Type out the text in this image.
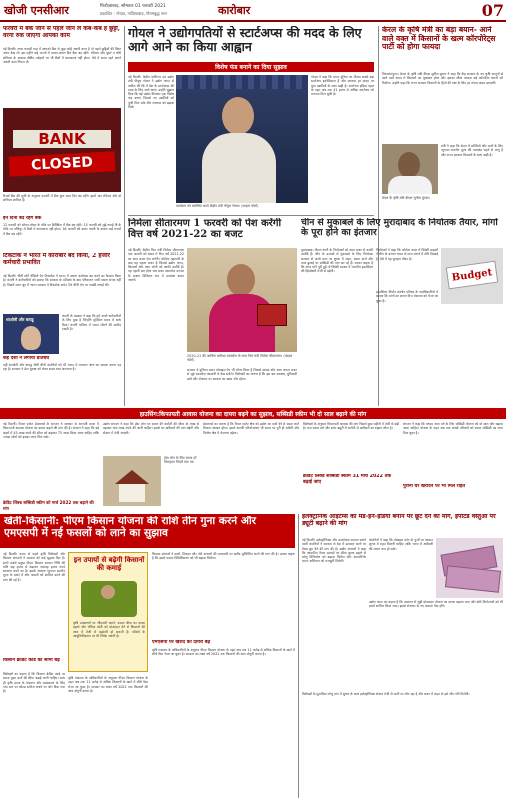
खोजी एनसीआर	फिरोज़ाबाद, सोमवार 01 फरवरी 2021
प्रकाशित : नोएडा, गाज़ियाबाद, गौतमबुद्ध नगर	कारोबार	07
फरवरी में बैंक जाने से पहले जान लें कब-कब है छुट्टी, वरना रुक जाएगा आपका काम
नई दिल्ली। अगर फरवरी माह में आपको बैंक से जुड़ा कोई जरूरी काम है तो पहले छुट्टियों की लिस्ट जरूर देख लें। इस महीने कई राज्यों में अलग-अलग दिन बैंक बंद रहेंगे। रविवार और दूसरे व चौथे शनिवार के अलावा क्षेत्रीय त्योहारों पर भी बैंकों में कामकाज नहीं होगा। ऐसे में समय रहते अपने जरूरी काम निपटा लें।
BANK
CLOSED
रिजर्व बैंक की सूची के अनुसार फरवरी में बैंक कुल आठ दिन बंद रहेंगे। इसमें चार रविवार और दो शनिवार शामिल हैं।
इन दिनों बंद रहेंगे बैंक
12 फरवरी को सोनम लोसर के मौके पर सिक्किम में बैंक बंद रहेंगे। 15 फरवरी को लुई-नगाई-नी के मौके पर मणिपुर में बैंकों में कामकाज नहीं होगा। 16 फरवरी को बसंत पंचमी के कारण कई राज्यों में बैंक बंद रहेंगे।
टिकटॉक ने भारत में कारोबार बंद किया, 2 हजार कर्मचारी प्रभावित
नई दिल्ली। चीनी शॉर्ट वीडियो ऐप टिकटॉक ने भारत में अपना कारोबार बंद करने का फैसला किया है। कंपनी ने कर्मचारियों को बताया कि सरकार के प्रतिबंध के बाद परिचालन जारी रखना संभव नहीं है। पिछले साल जून में भारत सरकार ने टिकटॉक समेत 59 चीनी ऐप पर पाबंदी लगाई थी।
शाओमी और बायडू
कंपनी के प्रवक्ता ने कहा कि हमें अपने कर्मचारियों के लिए दुख है जिन्होंने मुश्किल समय में साथ दिया। कंपनी भविष्य में भारत लौटने की उम्मीद रखती है।
कई देशों ने लगाया प्रतिबंध
वहीं शाओमी और बायडू जैसी चीनी कंपनियों को भी भारत में लगातार जांच का सामना करना पड़ रहा है। सरकार ने डेटा सुरक्षा को लेकर सख्त रुख अपनाया है।
गोयल ने उद्योगपतियों से स्टार्टअप्स की मदद के लिए आगे आने का किया आह्वान
विशेष फंड बनाने का दिया सुझाव
नई दिल्ली। केंद्रीय वाणिज्य एवं उद्योग मंत्री पीयूष गोयल ने उद्योग जगत से अपील की कि वे देश के स्टार्टअप्स की मदद के लिए आगे आएं। उन्होंने सुझाव दिया कि बड़े उद्योग मिलकर एक विशेष फंड बनाएं जिससे नए उद्यमियों को पूंजी मिल सके और नवाचार को बढ़ावा मिले।
कार्यक्रम को संबोधित करते केंद्रीय मंत्री पीयूष गोयल। (फाइल फोटो)
गोयल ने कहा कि भारत दुनिया का तीसरा सबसे बड़ा स्टार्टअप इकोसिस्टम है और सरकार हर कदम पर युवा उद्यमियों के साथ खड़ी है। स्टार्टअप इंडिया पहल के तहत अब तक 41 हजार से अधिक स्टार्टअप को मान्यता मिल चुकी है।
केरल के कृषि मंत्री का बड़ा बयान- आने वाले वक्त में किसानों के खत्म कॉरपोरेट्स पार्टी को होगा फायदा
तिरुवनंतपुरम। केरल के कृषि मंत्री वीएस सुनील कुमार ने कहा कि केंद्र सरकार के नए कृषि कानूनों से आने वाले समय में किसानों का नुकसान होगा और इसका सीधा फायदा बड़े कॉरपोरेट घरानों को मिलेगा। उन्होंने कहा कि राज्य सरकार किसानों के हितों की रक्षा के लिए हर संभव कदम उठाएगी।
मंत्री ने कहा कि केरल में सब्जियों और फलों के लिए न्यूनतम समर्थन मूल्य की व्यवस्था पहले से लागू है और राज्य सरकार किसानों के साथ खड़ी है।
केरल के कृषि मंत्री वीएस सुनील कुमार।
निर्मला सीतारमण 1 फरवरी को पेश करेंगी वित्त वर्ष 2021-22 का बजट
नई दिल्ली। केंद्रीय वित्त मंत्री निर्मला सीतारमण एक फरवरी को संसद में वित्त वर्ष 2021-22 का आम बजट पेश करेंगी। कोरोना महामारी के बाद यह पहला बजट है जिससे उद्योग जगत, किसानों और आम लोगों को काफी उम्मीदें हैं। यह पहली बार होगा जब बजट दस्तावेज कागज के बजाय डिजिटल रूप में उपलब्ध कराए जाएंगे।
2020-21 की आर्थिक समीक्षा दस्तावेज के साथ वित्त मंत्री निर्मला सीतारमण। (फाइल फोटो)
सरकार ने यूनियन बजट मोबाइल ऐप भी लॉन्च किया है जिससे सांसद और आम जनता बजट से जुड़े दस्तावेज आसानी से देख सकेंगे। विशेषज्ञों का मानना है कि इस बार स्वास्थ्य, बुनियादी ढांचे और रोजगार पर सरकार का खास जोर रहेगा।
चीन से मुकाबले के लिए मुरादाबाद के निर्यातक तैयार, मांगों के पूरा होने का इंतजार
मुरादाबाद। पीतल नगरी के निर्यातकों को आम बजट से काफी उम्मीदें हैं। चीन के उत्पादों से मुकाबले के लिए निर्यातक सरकार से कच्चे माल पर शुल्क में राहत, सस्ता कर्ज और माल ढुलाई पर सब्सिडी की मांग कर रहे हैं। उनका कहना है कि अगर मांगें पूरी हुईं तो विदेशी बाजार में भारतीय हस्तशिल्प की हिस्सेदारी तेजी से बढ़ेगी।
निर्यातकों ने कहा कि कोरोना काल में विदेशी ग्राहकों ने चीन के बजाय भारत से माल मंगाने में रुचि दिखाई है, ऐसे में यह सुनहरा मौका है।
Budget
हस्तशिल्प निर्यात संवर्धन परिषद के पदाधिकारियों ने बताया कि मांगों का ज्ञापन वित्त मंत्रालय को भेजा जा चुका है।
हाउसिंग:किफायती आवास योजना का दायरा बढ़ने का सुझाव, सब्सिडी स्कीम भी दो साल बढ़ाने की मांग
नई दिल्ली। रियल एस्टेट डेवलपर्स के संगठन ने सरकार से आगामी बजट में किफायती आवास योजना का दायरा बढ़ाने की मांग की है। संगठन ने कहा कि बड़े शहरों में 45 लाख रुपये की सीमा को बढ़ाकर 75 लाख किया जाना चाहिए ताकि ज्यादा लोगों को इसका लाभ मिल सके।
उद्योग संगठन ने कहा कि होम लोन पर ब्याज की कटौती की सीमा दो लाख से बढ़ाकर पांच लाख रुपये की जानी चाहिए। इससे घर खरीदारों की मांग बढ़ेगी और सेक्टर में तेजी आएगी।
होम लोन के लिए ब्याज दरें फिलहाल निचले स्तर पर।
डेवलपर्स का मानना है कि रियल एस्टेट क्षेत्र को उद्योग का दर्जा देने से सस्ता कर्ज मिलना आसान होगा। इससे अटकी परियोजनाएं भी समय पर पूरी हो सकेंगी और निर्माण क्षेत्र में रोजगार बढ़ेगा।
विशेषज्ञों के अनुसार किफायती आवास की मांग पिछले कुछ महीनों में तेजी से बढ़ी है। कम ब्याज दरों और स्टांप ड्यूटी में कटौती से खरीदारों का रुझान लौटा है।
क्रेडिट लिंक्ड सब्सिडी स्कीम 31 मार्च 2022 तक बढ़ाई जाए
संगठन ने कहा कि मध्यम आय वर्ग के लिए सब्सिडी योजना को दो साल और बढ़ाया जाना चाहिए। योजना के तहत अब तक लाखों परिवारों को ब्याज सब्सिडी का लाभ मिल चुका है।
पुराना घर खरीदने पर भी मिले राहत
क्रेडिट लिंक्ड सब्सिडी स्कीम को मार्च 2022 तक बढ़ाने की मांग
खेती-किसानी: पीएम किसान योजना की राशि तीन गुना करने और एमएसपी में नई फसलों को लाने का सुझाव
नई दिल्ली। बजट से पहले कृषि विशेषज्ञों और किसान संगठनों ने सरकार को कई सुझाव दिए हैं। इनमें सबसे प्रमुख पीएम किसान सम्मान निधि की राशि छह हजार से बढ़ाकर अठारह हजार रुपये सालाना करने का है। इसके अलावा न्यूनतम समर्थन मूल्य के दायरे में और फसलों को शामिल करने की मांग की गई है।
किसान क्रेडिट कार्ड की सीमा बढ़े
विशेषज्ञों का कहना है कि किसान क्रेडिट कार्ड पर ब्याज मुक्त कर्ज की सीमा बढ़ाई जानी चाहिए। साथ ही कृषि उपज के भंडारण और प्रसंस्करण के लिए गांव स्तर पर कोल्ड स्टोरेज बनाने पर जोर दिया गया है।
इन उपायों से बढ़ेगी किसानों की कमाई
कृषि उपकरणों पर जीएसटी घटाने, फसल बीमा का दायरा बढ़ाने और जैविक खेती को प्रोत्साहन देने से किसानों की आय में तेजी से बढ़ोतरी हो सकती है। मंडियों के आधुनिकीकरण पर भी निवेश जरूरी है।
कृषि मंत्रालय के अधिकारियों के अनुसार पीएम किसान योजना के तहत अब तक 11 करोड़ से अधिक किसानों के खाते में सीधे पैसा भेजा जा चुका है। सरकार का लक्ष्य वर्ष 2022 तक किसानों की आय दोगुनी करना है।
किसान संगठनों ने दालों, तिलहन और मोटे अनाजों की एमएसपी पर खरीद सुनिश्चित करने की मांग की है। उनका कहना है कि इससे फसल विविधीकरण को भी बढ़ावा मिलेगा।
एमएसपी पर खरीद का दायरा बढ़े
कृषि मंत्रालय के अधिकारियों के अनुसार पीएम किसान योजना के तहत अब तक 11 करोड़ से अधिक किसानों के खाते में सीधे पैसा भेजा जा चुका है। सरकार का लक्ष्य वर्ष 2022 तक किसानों की आय दोगुनी करना है।
इलेक्ट्रॉनिक आइटम्स को मेड-इन-इंडिया बनाने पर छूट देने की मांग, इंपोर्टेड वस्तुओं पर ड्यूटी बढ़ाने की मांग
नई दिल्ली। इलेक्ट्रॉनिक्स और उपभोक्ता सामान बनाने वाली कंपनियों ने सरकार से देश में उत्पादन करने पर टैक्स छूट देने की मांग की है। उद्योग संगठनों ने कहा कि आयातित तैयार उत्पादों पर सीमा शुल्क बढ़ाने से घरेलू विनिर्माण को बढ़ावा मिलेगा और आत्मनिर्भर भारत अभियान को मजबूती मिलेगी।
कंपनियों ने कहा कि मोबाइल फोन के पुर्जों पर आयात शुल्क में राहत मिलनी चाहिए ताकि भारत में असेंबली की लागत कम हो सके।
उद्योग जगत का कहना है कि उत्पादन से जुड़ी प्रोत्साहन योजना का दायरा बढ़ाया जाए और छोटे निर्माताओं को भी इसमें शामिल किया जाए। इससे रोजगार के नए अवसर पैदा होंगे।
विशेषज्ञों के मुताबिक घरेलू मांग में सुधार के साथ इलेक्ट्रॉनिक्स सेक्टर तेजी से पटरी पर लौट रहा है और बजट में राहत से इसे और गति मिलेगी।
